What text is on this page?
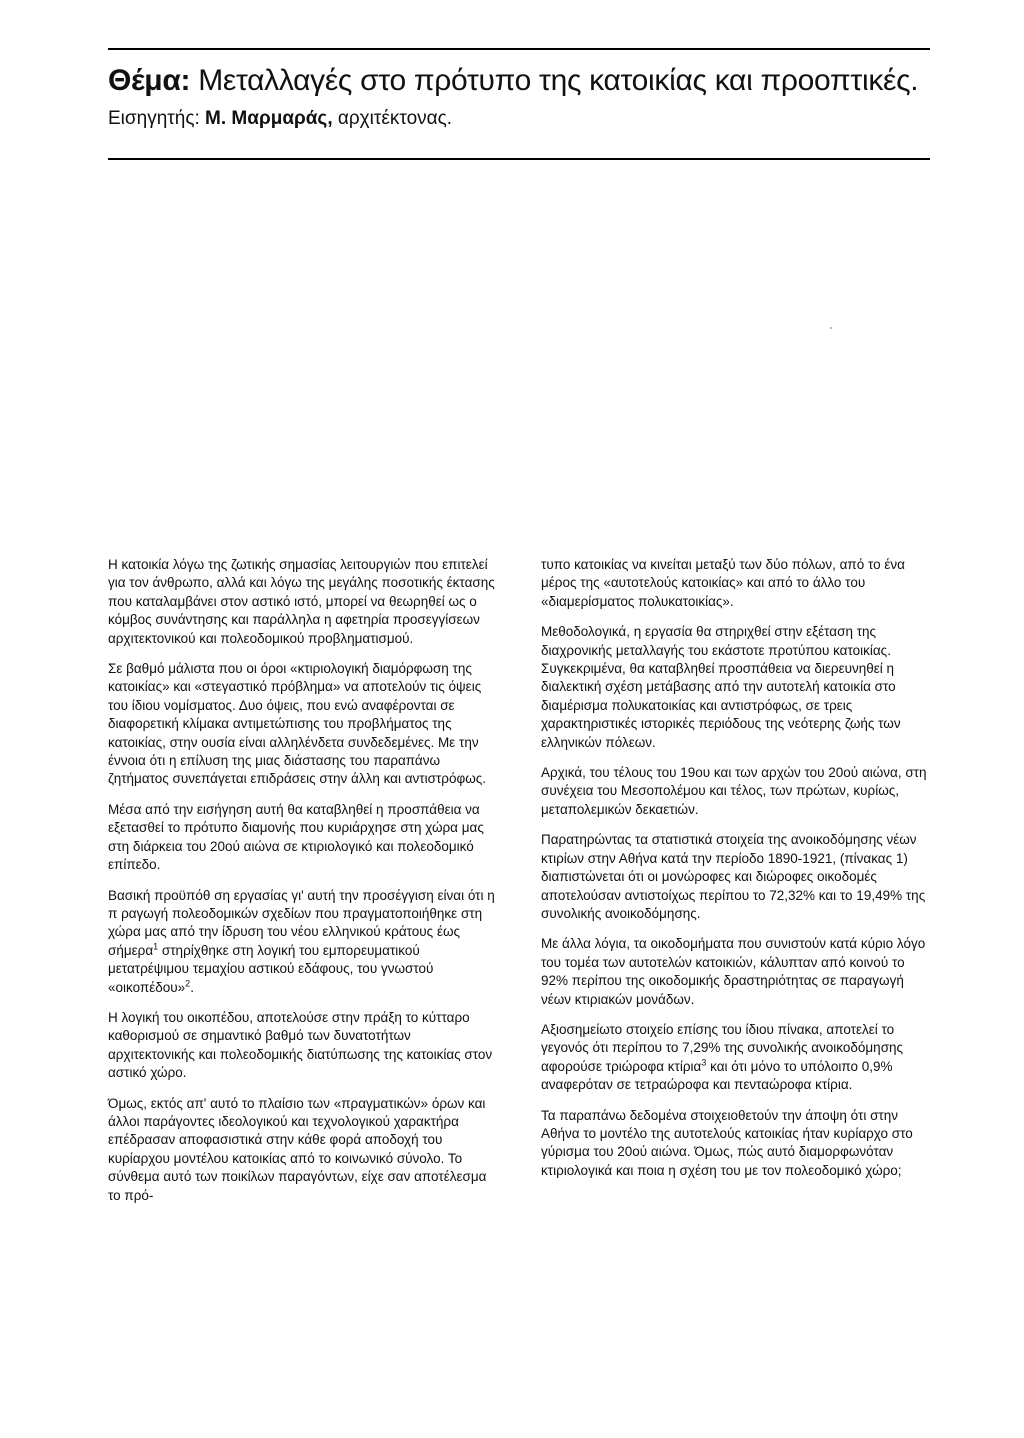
Θέμα: Μεταλλαγές στο πρότυπο της κατοικίας και προοπτικές.
Εισηγητής: Μ. Μαρμαράς, αρχιτέκτονας.

Η κατοικία λόγω της ζωτικής σημασίας λειτουργιών που επιτελεί για τον άνθρωπο, αλλά και λόγω της μεγάλης ποσοτικής έκτασης που καταλαμβάνει στον αστικό ιστό, μπορεί να θεωρηθεί ως ο κόμβος συνάντησης και παράλληλα η αφετηρία προσεγγίσεων αρχιτεκτονικού και πολεοδομικού προβληματισμού.

Σε βαθμό μάλιστα που οι όροι «κτιριολογική διαμόρφωση της κατοικίας» και «στεγαστικό πρόβλημα» να αποτελούν τις όψεις του ίδιου νομίσματος. Δυο όψεις, που ενώ αναφέρονται σε διαφορετική κλίμακα αντιμετώπισης του προβλήματος της κατοικίας, στην ουσία είναι αλληλένδετα συνδεδεμένες. Με την έννοια ότι η επίλυση της μιας διάστασης του παραπάνω ζητήματος συνεπάγεται επιδράσεις στην άλλη και αντιστρόφως.

Μέσα από την εισήγηση αυτή θα καταβληθεί η προσπάθεια να εξετασθεί το πρότυπο διαμονής που κυριάρχησε στη χώρα μας στη διάρκεια του 20ού αιώνα σε κτιριολογικό και πολεοδομικό επίπεδο.

Βασική προϋπόθ ση εργασίας γι' αυτή την προσέγγιση είναι ότι η π ραγωγή πολεοδομικών σχεδίων που πραγματοποιήθηκε στη χώρα μας από την ίδρυση του νέου ελληνικού κράτους έως σήμερα$^1$ στηρίχθηκε στη λογική του εμπορευματικού μετατρέψιμου τεμαχίου αστικού εδάφους, του γνωστού «οικοπέδου»$^2$.

Η λογική του οικοπέδου, αποτελούσε στην πράξη το κύτταρο καθορισμού σε σημαντικό βαθμό των δυνατοτήτων αρχιτεκτονικής και πολεοδομικής διατύπωσης της κατοικίας στον αστικό χώρο.

Όμως, εκτός απ' αυτό το πλαίσιο των «πραγματικών» όρων και άλλοι παράγοντες ιδεολογικού και τεχνολογικού χαρακτήρα επέδρασαν αποφασιστικά στην κάθε φορά αποδοχή του κυρίαρχου μοντέλου κατοικίας από το κοινωνικό σύνολο. Το σύνθεμα αυτό των ποικίλων παραγόντων, είχε σαν αποτέλεσμα το πρό-

τυπο κατοικίας να κινείται μεταξύ των δύο πόλων, από το ένα μέρος της «αυτοτελούς κατοικίας» και από το άλλο του «διαμερίσματος πολυκατοικίας».

Μεθοδολογικά, η εργασία θα στηριχθεί στην εξέταση της διαχρονικής μεταλλαγής του εκάστοτε προτύπου κατοικίας. Συγκεκριμένα, θα καταβληθεί προσπάθεια να διερευνηθεί η διαλεκτική σχέση μετάβασης από την αυτοτελή κατοικία στο διαμέρισμα πολυκατοικίας και αντιστρόφως, σε τρεις χαρακτηριστικές ιστορικές περιόδους της νεότερης ζωής των ελληνικών πόλεων.

Αρχικά, του τέλους του 19ου και των αρχών του 20ού αιώνα, στη συνέχεια του Μεσοπολέμου και τέλος, των πρώτων, κυρίως, μεταπολεμικών δεκαετιών.

Παρατηρώντας τα στατιστικά στοιχεία της ανοικοδόμησης νέων κτιρίων στην Αθήνα κατά την περίοδο 1890-1921, (πίνακας 1) διαπιστώνεται ότι οι μονώροφες και διώροφες οικοδομές αποτελούσαν αντιστοίχως περίπου το 72,32% και το 19,49% της συνολικής ανοικοδόμησης.

Με άλλα λόγια, τα οικοδομήματα που συνιστούν κατά κύριο λόγο του τομέα των αυτοτελών κατοικιών, κάλυπταν από κοινού το 92% περίπου της οικοδομικής δραστηριότητας σε παραγωγή νέων κτιριακών μονάδων.

Αξιοσημείωτο στοιχείο επίσης του ίδιου πίνακα, αποτελεί το γεγονός ότι περίπου το 7,29% της συνολικής ανοικοδόμησης αφορούσε τριώροφα κτίρια$^3$ και ότι μόνο το υπόλοιπο 0,9% αναφερόταν σε τετραώροφα και πενταώροφα κτίρια.

Τα παραπάνω δεδομένα στοιχειοθετούν την άποψη ότι στην Αθήνα το μοντέλο της αυτοτελούς κατοικίας ήταν κυρίαρχο στο γύρισμα του 20ού αιώνα. Όμως, πώς αυτό διαμορφωνόταν κτιριολογικά και ποια η σχέση του με τον πολεοδομικό χώρο;
